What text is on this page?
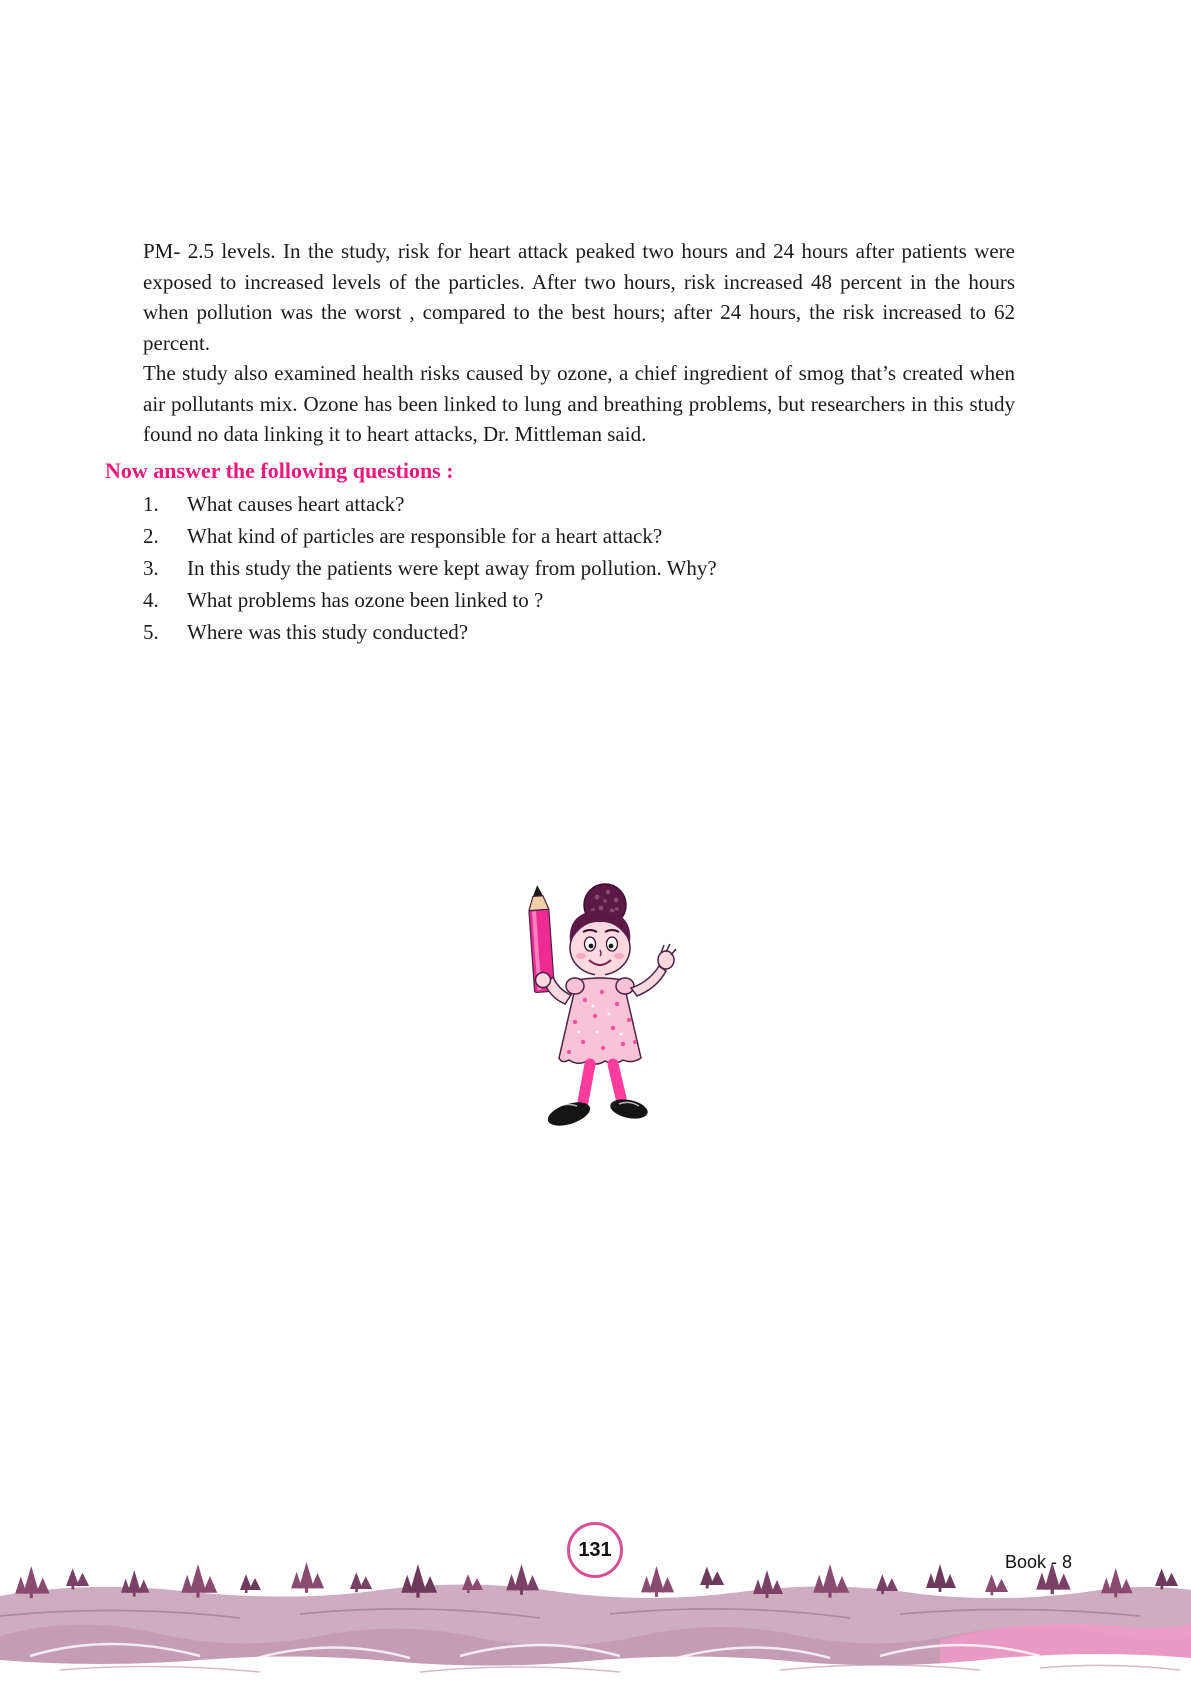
PM- 2.5 levels. In the study, risk for heart attack peaked two hours and 24 hours after patients were exposed to increased levels of the particles. After two hours, risk increased 48 percent in the hours when pollution was the worst , compared to the best hours; after 24 hours, the risk increased to 62 percent.

The study also examined health risks caused by ozone, a chief ingredient of smog that’s created when air pollutants mix. Ozone has been linked to lung and breathing problems, but researchers in this study found no data linking it to heart attacks, Dr. Mittleman said.

Now answer the following questions :
1.	What causes heart attack?
2.	What kind of particles are responsible for a heart attack?
3.	In this study the patients were kept away from pollution. Why?
4.	What problems has ozone been linked to ?
5.	Where was this study conducted?
131
Book - 8
